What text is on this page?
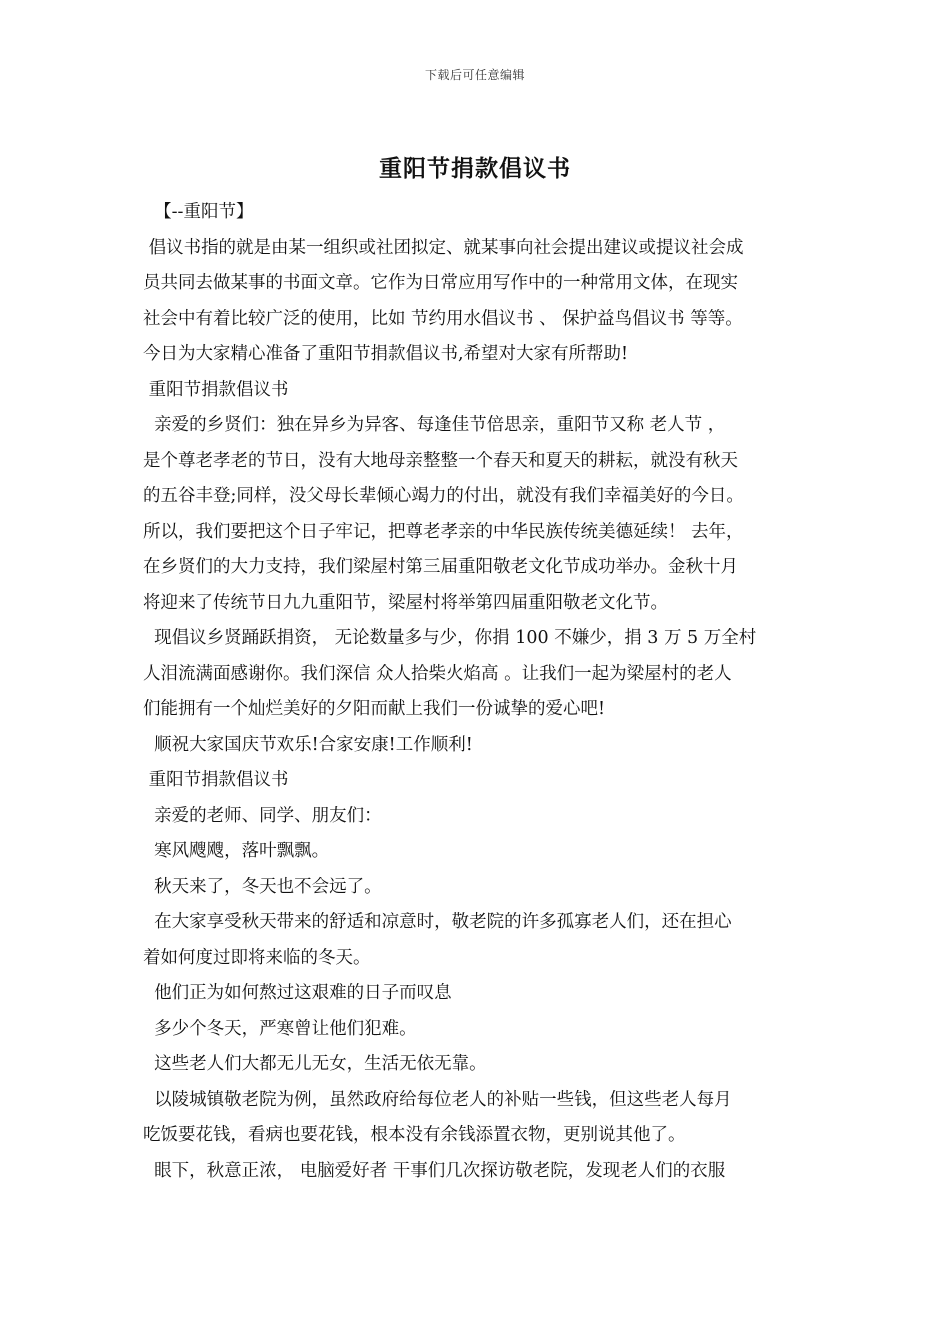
下载后可任意编辑
重阳节捐款倡议书
【--重阳节】
倡议书指的就是由某一组织或社团拟定、就某事向社会提出建议或提议社会成
员共同去做某事的书面文章。它作为日常应用写作中的一种常用文体，在现实
社会中有着比较广泛的使用，比如 节约用水倡议书 、 保护益鸟倡议书 等等。
今日为大家精心准备了重阳节捐款倡议书,希望对大家有所帮助!
重阳节捐款倡议书
亲爱的乡贤们：独在异乡为异客、每逢佳节倍思亲，重阳节又称 老人节 ，
是个尊老孝老的节日，没有大地母亲整整一个春天和夏天的耕耘，就没有秋天
的五谷丰登;同样，没父母长辈倾心竭力的付出，就没有我们幸福美好的今日。
所以，我们要把这个日子牢记，把尊老孝亲的中华民族传统美德延续！ 去年，
在乡贤们的大力支持，我们梁屋村第三届重阳敬老文化节成功举办。金秋十月
将迎来了传统节日九九重阳节，梁屋村将举第四届重阳敬老文化节。
现倡议乡贤踊跃捐资， 无论数量多与少，你捐 100 不嫌少，捐 3 万 5 万全村
人泪流满面感谢你。我们深信 众人拾柴火焰高 。让我们一起为梁屋村的老人
们能拥有一个灿烂美好的夕阳而献上我们一份诚挚的爱心吧!
顺祝大家国庆节欢乐!合家安康!工作顺利!
重阳节捐款倡议书
亲爱的老师、同学、朋友们：
寒风飕飕，落叶飘飘。
秋天来了，冬天也不会远了。
在大家享受秋天带来的舒适和凉意时，敬老院的许多孤寡老人们，还在担心
着如何度过即将来临的冬天。
他们正为如何熬过这艰难的日子而叹息
多少个冬天，严寒曾让他们犯难。
这些老人们大都无儿无女，生活无依无靠。
以陵城镇敬老院为例，虽然政府给每位老人的补贴一些钱，但这些老人每月
吃饭要花钱，看病也要花钱，根本没有余钱添置衣物，更别说其他了。
眼下，秋意正浓， 电脑爱好者 干事们几次探访敬老院，发现老人们的衣服
